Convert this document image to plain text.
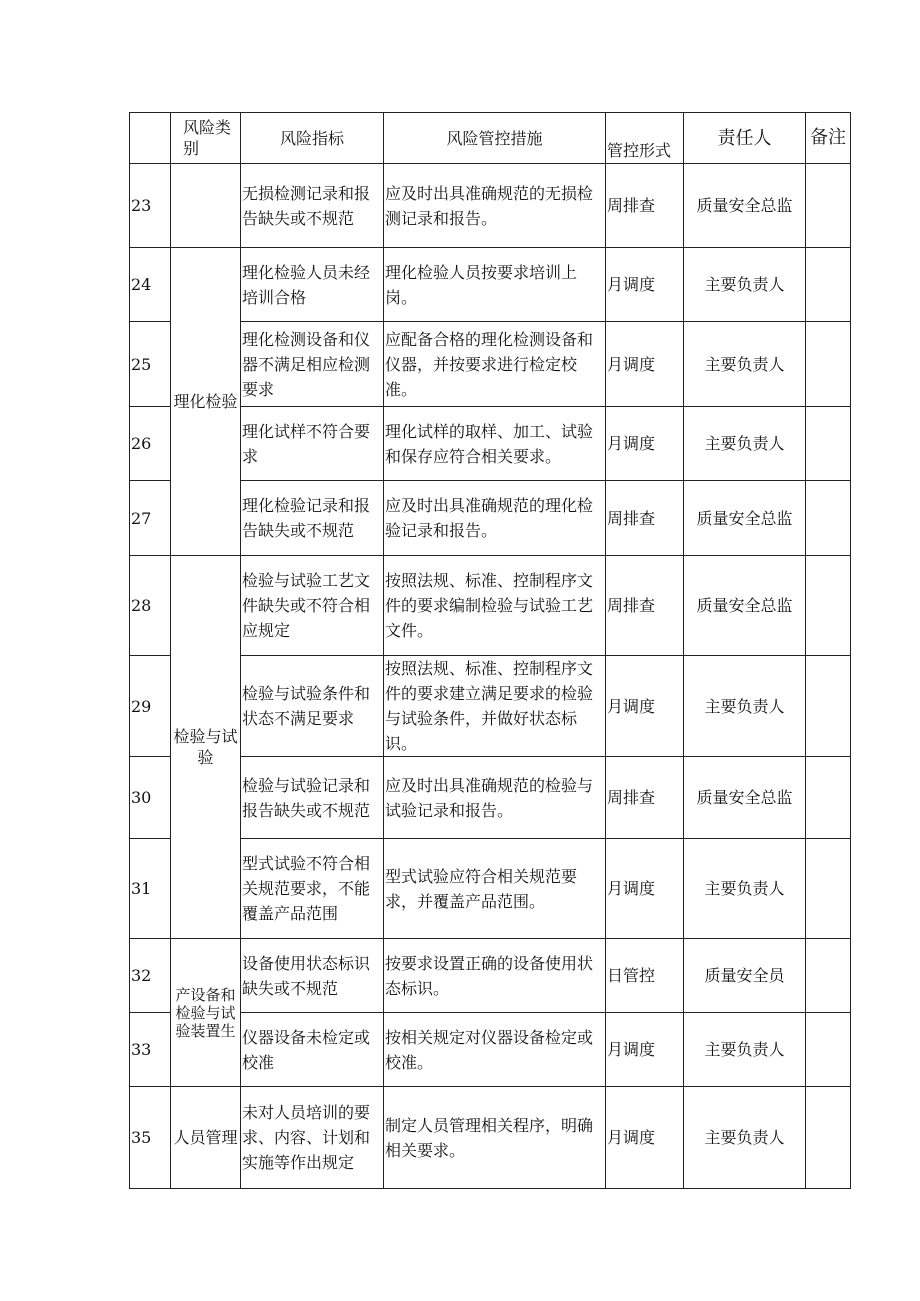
	风险类别	风险指标	风险管控措施	管控形式	责任人	备注
23		无损检测记录和报告缺失或不规范	应及时出具准确规范的无损检测记录和报告。	周排查	质量安全总监	
24	理化检验	理化检验人员未经培训合格	理化检验人员按要求培训上岗。	月调度	主要负责人	
25		理化检测设备和仪器不满足相应检测要求	应配备合格的理化检测设备和仪器，并按要求进行检定校准。	月调度	主要负责人	
26		理化试样不符合要求	理化试样的取样、加工、试验和保存应符合相关要求。	月调度	主要负责人	
27		理化检验记录和报告缺失或不规范	应及时出具准确规范的理化检验记录和报告。	周排查	质量安全总监	
28	检验与试验	检验与试验工艺文件缺失或不符合相应规定	按照法规、标准、控制程序文件的要求编制检验与试验工艺文件。	周排查	质量安全总监	
29		检验与试验条件和状态不满足要求	按照法规、标准、控制程序文件的要求建立满足要求的检验与试验条件，并做好状态标识。	月调度	主要负责人	
30		检验与试验记录和报告缺失或不规范	应及时出具准确规范的检验与试验记录和报告。	周排查	质量安全总监	
31		型式试验不符合相关规范要求，不能覆盖产品范围	型式试验应符合相关规范要求，并覆盖产品范围。	月调度	主要负责人	
32	产设备和检验与试验装置生	设备使用状态标识缺失或不规范	按要求设置正确的设备使用状态标识。	日管控	质量安全员	
33		仪器设备未检定或校准	按相关规定对仪器设备检定或校准。	月调度	主要负责人	
35	人员管理	未对人员培训的要求、内容、计划和实施等作出规定	制定人员管理相关程序，明确相关要求。	月调度	主要负责人	
